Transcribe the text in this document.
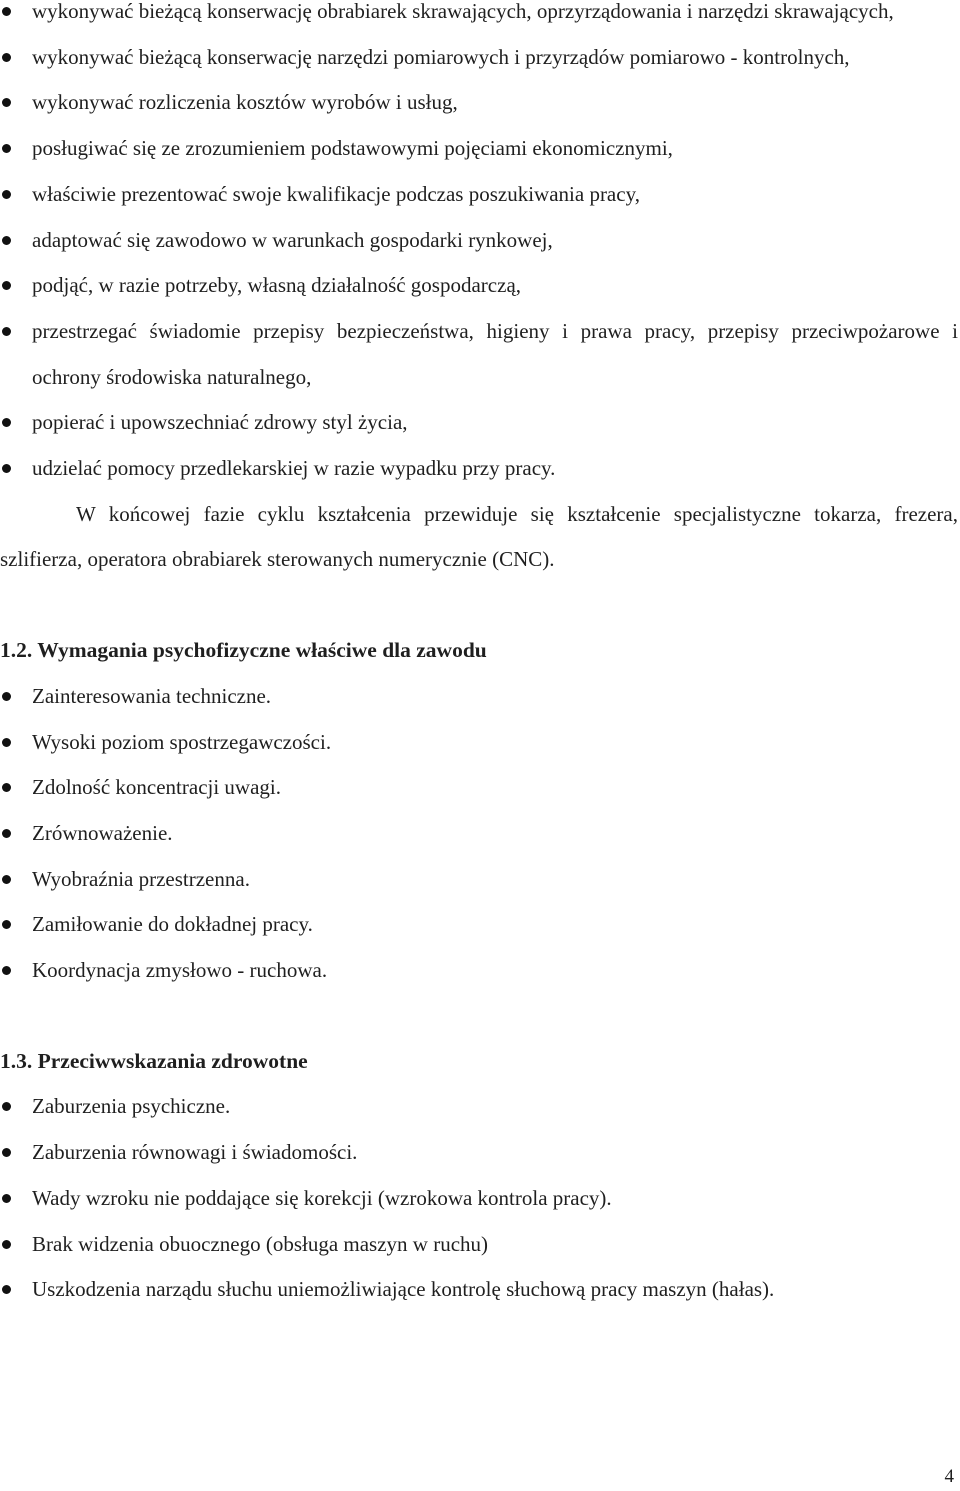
wykonywać bieżącą konserwację obrabiarek skrawających, oprzyrządowania i narzędzi skrawających,
wykonywać bieżącą konserwację narzędzi pomiarowych i przyrządów pomiarowo - kontrolnych,
wykonywać rozliczenia kosztów wyrobów i usług,
posługiwać się ze zrozumieniem podstawowymi pojęciami ekonomicznymi,
właściwie prezentować swoje kwalifikacje podczas poszukiwania pracy,
adaptować się zawodowo w warunkach gospodarki rynkowej,
podjąć, w razie potrzeby, własną działalność gospodarczą,
przestrzegać świadomie przepisy bezpieczeństwa, higieny i prawa pracy, przepisy przeciwpożarowe i ochrony środowiska naturalnego,
popierać i upowszechniać zdrowy styl życia,
udzielać pomocy przedlekarskiej w razie wypadku przy pracy.

W końcowej fazie cyklu kształcenia przewiduje się kształcenie specjalistyczne tokarza, frezera, szlifierza, operatora obrabiarek sterowanych numerycznie (CNC).

1.2. Wymagania psychofizyczne właściwe dla zawodu
Zainteresowania techniczne.
Wysoki poziom spostrzegawczości.
Zdolność koncentracji uwagi.
Zrównoważenie.
Wyobraźnia przestrzenna.
Zamiłowanie do dokładnej pracy.
Koordynacja zmysłowo - ruchowa.
1.3. Przeciwwskazania zdrowotne
Zaburzenia psychiczne.
Zaburzenia równowagi i świadomości.
Wady wzroku nie poddające się korekcji (wzrokowa kontrola pracy).
Brak widzenia obuocznego (obsługa maszyn w ruchu)
Uszkodzenia narządu słuchu uniemożliwiające kontrolę słuchową pracy maszyn (hałas).
4
